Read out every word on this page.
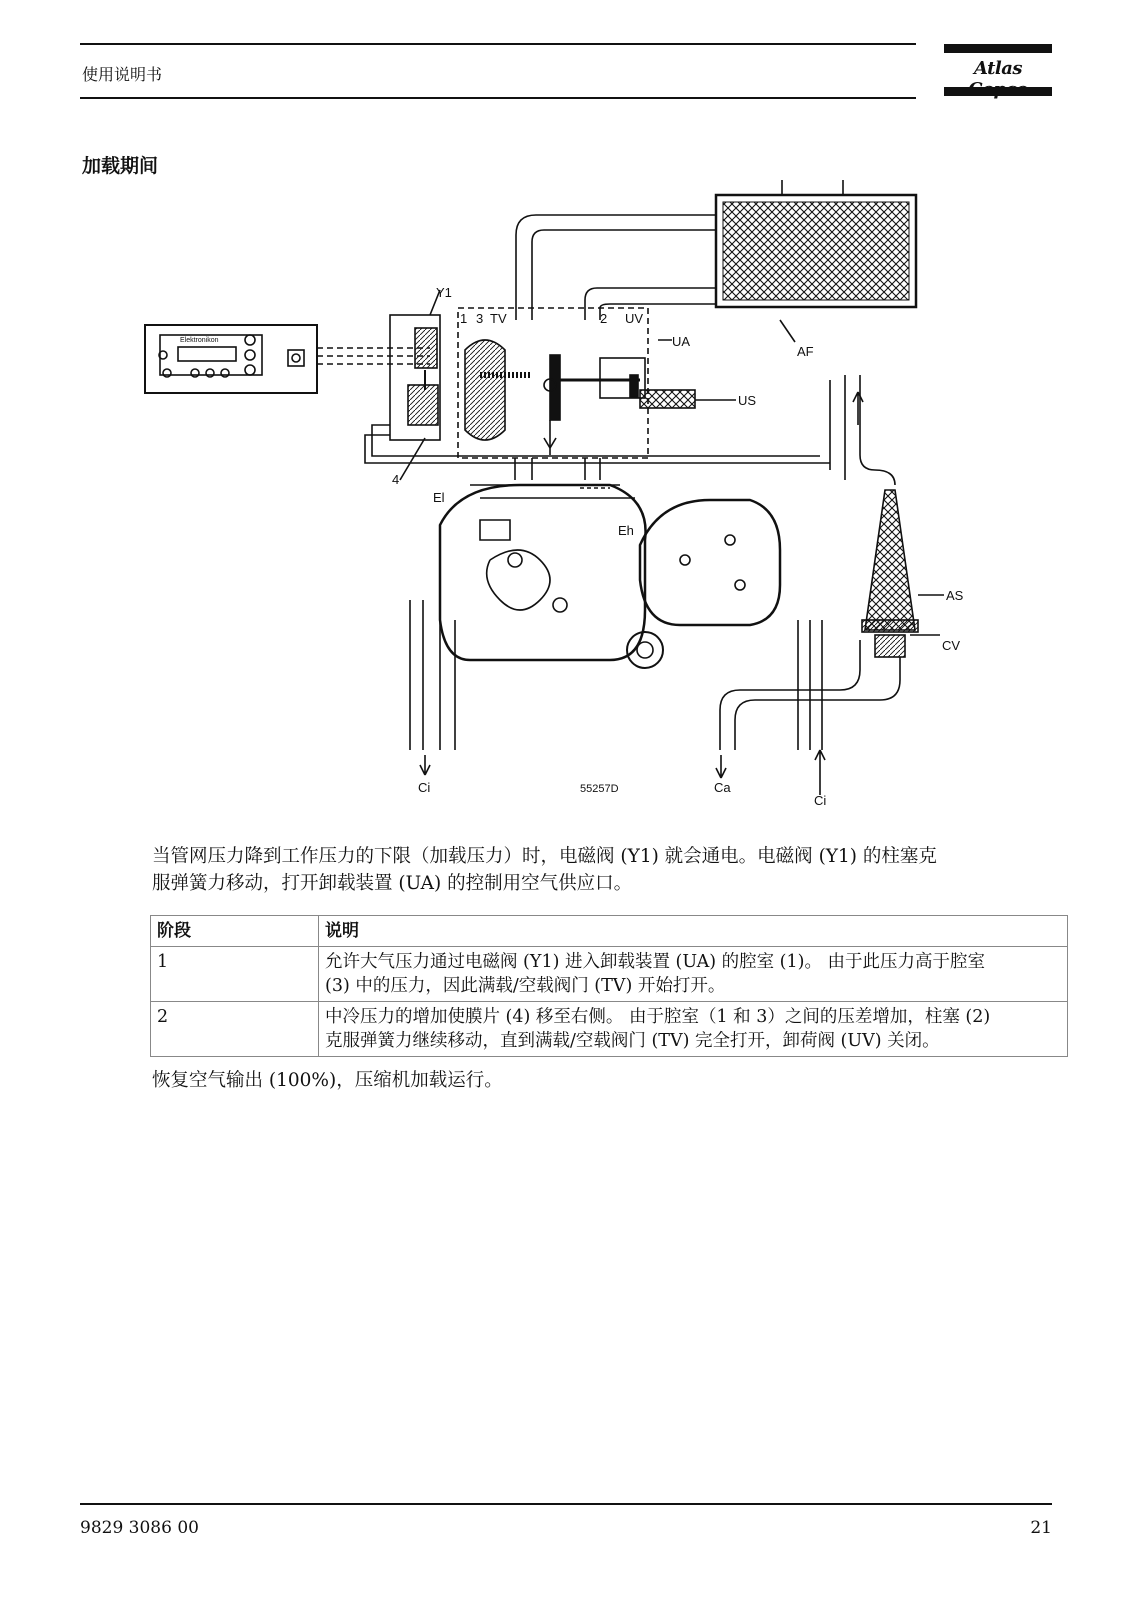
使用说明书	Atlas
加载期间
Y1
1 3 TV	2 UV
UA
AF
US
4
El
Eh
AS
CV
Ci	55257D	Ca
Ci
Elektronikon
当管网压力降到工作压力的下限（加载压力）时，电磁阀 (Y1) 就会通电。电磁阀 (Y1) 的柱塞克
服弹簧力移动，打开卸载装置 (UA) 的控制用空气供应口。
阶段	说明
1	允许大气压力通过电磁阀 (Y1) 进入卸载装置 (UA) 的腔室 (1)。 由于此压力高于腔室
(3) 中的压力，因此满载/空载阀门 (TV) 开始打开。

2	中冷压力的增加使膜片 (4) 移至右侧。 由于腔室（1 和 3）之间的压差增加，柱塞 (2)
克服弹簧力继续移动，直到满载/空载阀门 (TV) 完全打开，卸荷阀 (UV) 关闭。
恢复空气输出 (100%)，压缩机加载运行。
9829 3086 00	21
